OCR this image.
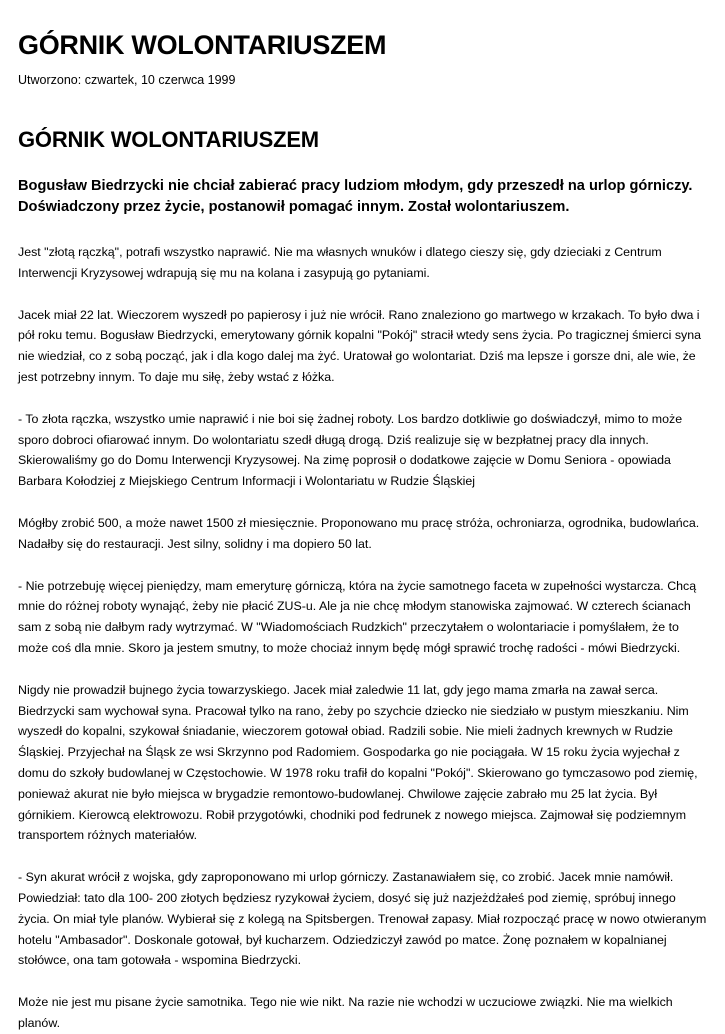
GÓRNIK WOLONTARIUSZEM
Utworzono: czwartek, 10 czerwca 1999
GÓRNIK WOLONTARIUSZEM
Bogusław Biedrzycki nie chciał zabierać pracy ludziom młodym, gdy przeszedł na urlop górniczy. Doświadczony przez życie, postanowił pomagać innym. Został wolontariuszem.

Jest "złotą rączką", potrafi wszystko naprawić. Nie ma własnych wnuków i dlatego cieszy się, gdy dzieciaki z Centrum Interwencji Kryzysowej wdrapują się mu na kolana i zasypują go pytaniami.

Jacek miał 22 lat. Wieczorem wyszedł po papierosy i już nie wrócił. Rano znaleziono go martwego w krzakach. To było dwa i pół roku temu. Bogusław Biedrzycki, emerytowany górnik kopalni "Pokój" stracił wtedy sens życia. Po tragicznej śmierci syna nie wiedział, co z sobą począć, jak i dla kogo dalej ma żyć. Uratował go wolontariat. Dziś ma lepsze i gorsze dni, ale wie, że jest potrzebny innym. To daje mu siłę, żeby wstać z łóżka.

- To złota rączka, wszystko umie naprawić i nie boi się żadnej roboty. Los bardzo dotkliwie go doświadczył, mimo to może sporo dobroci ofiarować innym. Do wolontariatu szedł długą drogą. Dziś realizuje się w bezpłatnej pracy dla innych. Skierowaliśmy go do Domu Interwencji Kryzysowej. Na zimę poprosił o dodatkowe zajęcie w Domu Seniora - opowiada Barbara Kołodziej z Miejskiego Centrum Informacji i Wolontariatu w Rudzie Śląskiej

Mógłby zrobić 500, a może nawet 1500 zł miesięcznie. Proponowano mu pracę stróża, ochroniarza, ogrodnika, budowlańca. Nadałby się do restauracji. Jest silny, solidny i ma dopiero 50 lat.

- Nie potrzebuję więcej pieniędzy, mam emeryturę górniczą, która na życie samotnego faceta w zupełności wystarcza. Chcą mnie do różnej roboty wynająć, żeby nie płacić ZUS-u. Ale ja nie chcę młodym stanowiska zajmować. W czterech ścianach sam z sobą nie dałbym rady wytrzymać. W "Wiadomościach Rudzkich" przeczytałem o wolontariacie i pomyślałem, że to może coś dla mnie. Skoro ja jestem smutny, to może chociaż innym będę mógł sprawić trochę radości - mówi Biedrzycki.

Nigdy nie prowadził bujnego życia towarzyskiego. Jacek miał zaledwie 11 lat, gdy jego mama zmarła na zawał serca. Biedrzycki sam wychował syna. Pracował tylko na rano, żeby po szychcie dziecko nie siedziało w pustym mieszkaniu. Nim wyszedł do kopalni, szykował śniadanie, wieczorem gotował obiad. Radzili sobie. Nie mieli żadnych krewnych w Rudzie Śląskiej. Przyjechał na Śląsk ze wsi Skrzynno pod Radomiem. Gospodarka go nie pociągała. W 15 roku życia wyjechał z domu do szkoły budowlanej w Częstochowie. W 1978 roku trafił do kopalni "Pokój". Skierowano go tymczasowo pod ziemię, ponieważ akurat nie było miejsca w brygadzie remontowo-budowlanej. Chwilowe zajęcie zabrało mu 25 lat życia. Był górnikiem. Kierowcą elektrowozu. Robił przygotówki, chodniki pod fedrunek z nowego miejsca. Zajmował się podziemnym transportem różnych materiałów.

- Syn akurat wrócił z wojska, gdy zaproponowano mi urlop górniczy. Zastanawiałem się, co zrobić. Jacek mnie namówił. Powiedział: tato dla 100- 200 złotych będziesz ryzykował życiem, dosyć się już nazjeżdżałeś pod ziemię, spróbuj innego życia. On miał tyle planów. Wybierał się z kolegą na Spitsbergen. Trenował zapasy. Miał rozpocząć pracę w nowo otwieranym hotelu "Ambasador". Doskonale gotował, był kucharzem. Odziedziczył zawód po matce. Żonę poznałem w kopalnianej stołówce, ona tam gotowała - wspomina Biedrzycki.

Może nie jest mu pisane życie samotnika. Tego nie wie nikt. Na razie nie wchodzi w uczuciowe związki. Nie ma wielkich planów.
